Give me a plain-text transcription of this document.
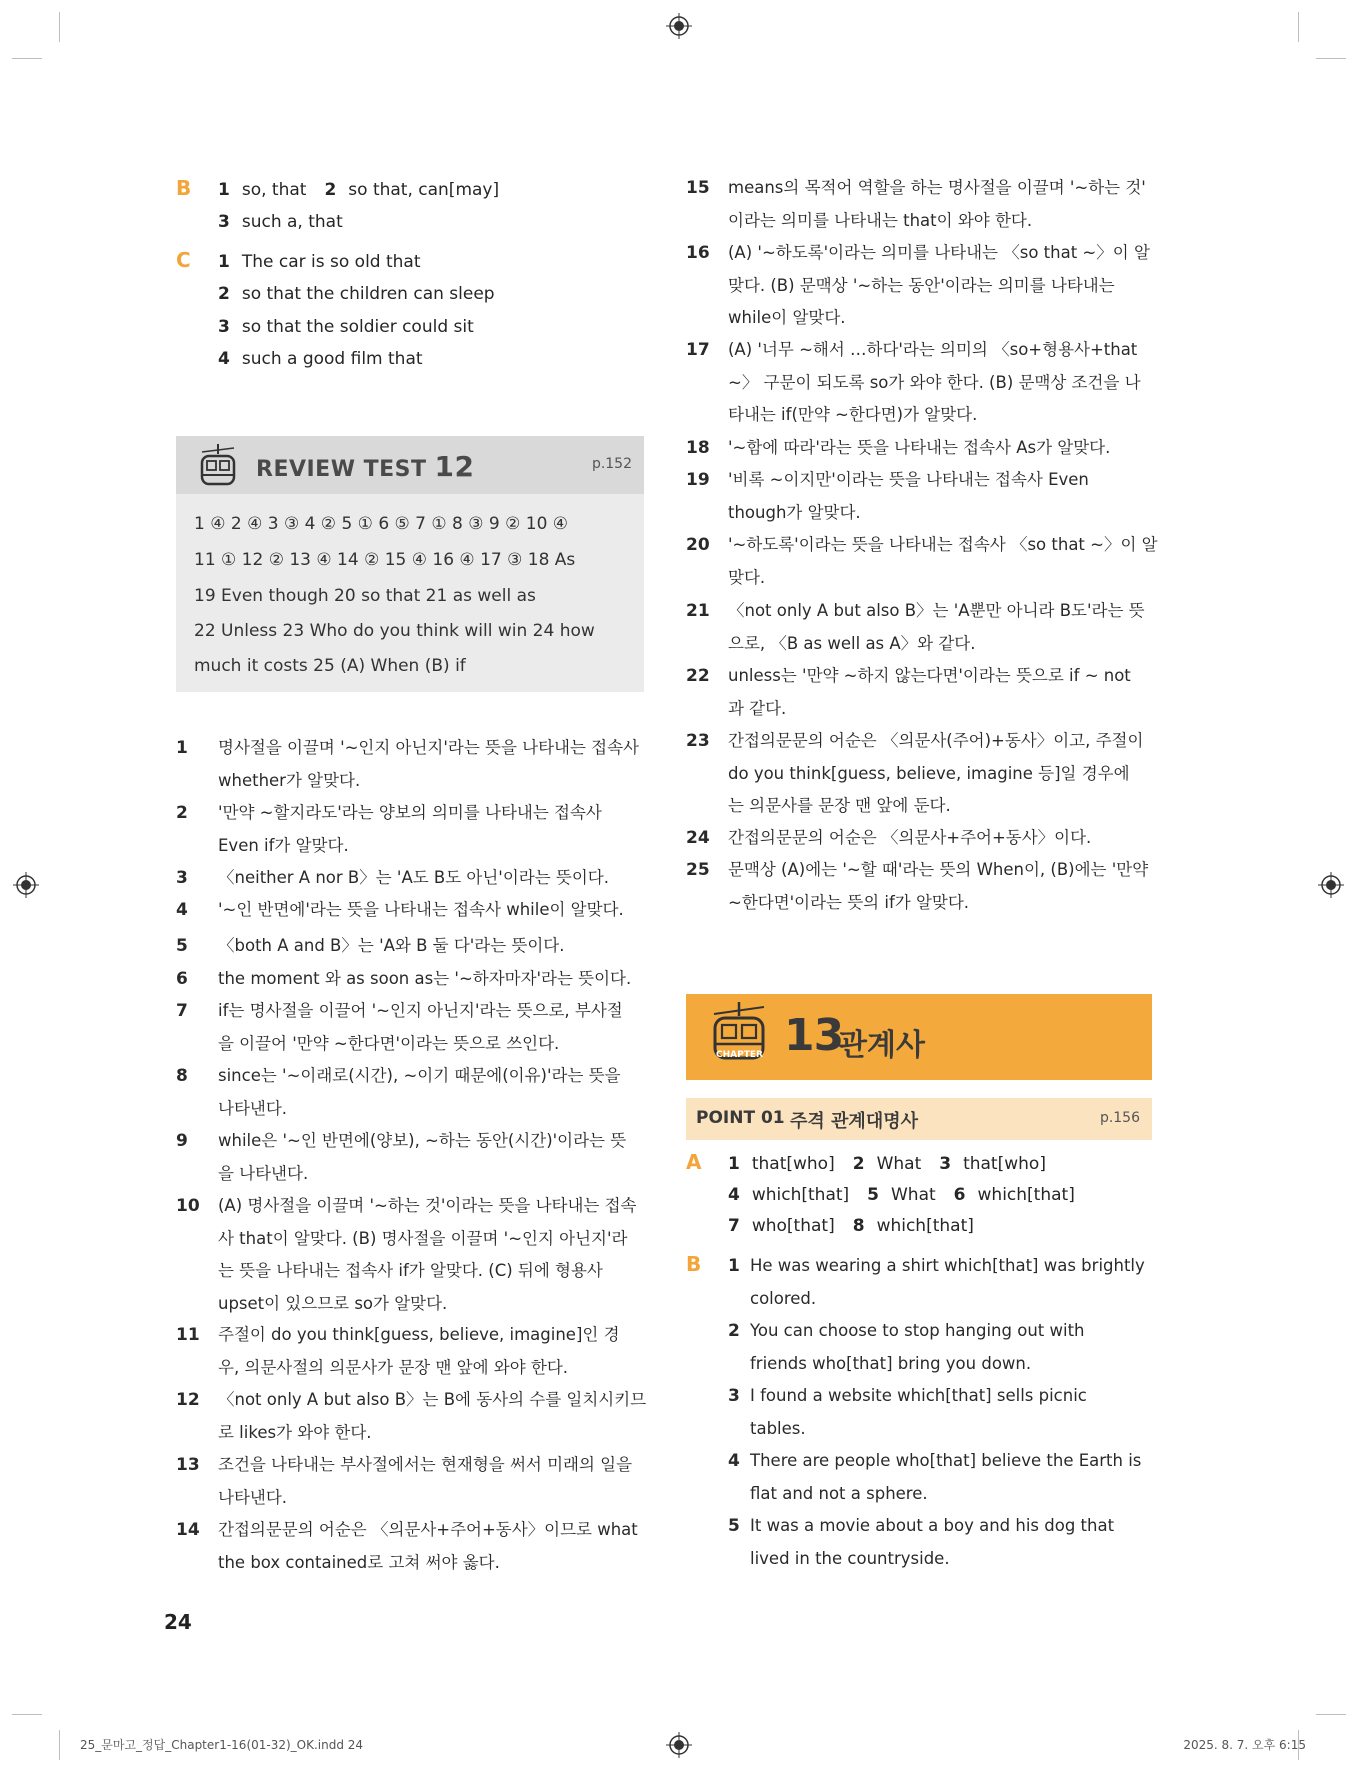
B 1 so, that 2 so that, can[may]
3 such a, that
C 1 The car is so old that
2 so that the children can sleep
3 so that the soldier could sit
4 such a good film that
REVIEW TEST 12	p.152
1 ④ 2 ④ 3 ③ 4 ② 5 ① 6 ⑤ 7 ① 8 ③ 9 ② 10 ④
11 ① 12 ② 13 ④ 14 ② 15 ④ 16 ④ 17 ③ 18 As
19 Even though 20 so that 21 as well as
22 Unless 23 Who do you think will win 24 how
much it costs 25 (A) When (B) if
1 명사절을 이끌며 '~인지 아닌지'라는 뜻을 나타내는 접속사
whether가 알맞다.
2 '만약 ~할지라도'라는 양보의 의미를 나타내는 접속사
Even if가 알맞다.
3 〈neither A nor B〉는 'A도 B도 아닌'이라는 뜻이다.
4 '~인 반면에'라는 뜻을 나타내는 접속사 while이 알맞다.
5 〈both A and B〉는 'A와 B 둘 다'라는 뜻이다.
6 the moment 와 as soon as는 '~하자마자'라는 뜻이다.
7 if는 명사절을 이끌어 '~인지 아닌지'라는 뜻으로, 부사절
을 이끌어 '만약 ~한다면'이라는 뜻으로 쓰인다.
8 since는 '~이래로(시간), ~이기 때문에(이유)'라는 뜻을
나타낸다.
9 while은 '~인 반면에(양보), ~하는 동안(시간)'이라는 뜻
을 나타낸다.
10 (A) 명사절을 이끌며 '~하는 것'이라는 뜻을 나타내는 접속
사 that이 알맞다. (B) 명사절을 이끌며 '~인지 아닌지'라
는 뜻을 나타내는 접속사 if가 알맞다. (C) 뒤에 형용사
upset이 있으므로 so가 알맞다.
11 주절이 do you think[guess, believe, imagine]인 경
우, 의문사절의 의문사가 문장 맨 앞에 와야 한다.
12 〈not only A but also B〉는 B에 동사의 수를 일치시키므
로 likes가 와야 한다.
13 조건을 나타내는 부사절에서는 현재형을 써서 미래의 일을
나타낸다.
14 간접의문문의 어순은 〈의문사+주어+동사〉이므로 what
the box contained로 고쳐 써야 옳다.
15 means의 목적어 역할을 하는 명사절을 이끌며 '~하는 것'
이라는 의미를 나타내는 that이 와야 한다.
16 (A) '~하도록'이라는 의미를 나타내는 〈so that ~〉이 알
맞다. (B) 문맥상 '~하는 동안'이라는 의미를 나타내는
while이 알맞다.
17 (A) '너무 ~해서 …하다'라는 의미의 〈so+형용사+that
~〉 구문이 되도록 so가 와야 한다. (B) 문맥상 조건을 나
타내는 if(만약 ~한다면)가 알맞다.
18 '~함에 따라'라는 뜻을 나타내는 접속사 As가 알맞다.
19 '비록 ~이지만'이라는 뜻을 나타내는 접속사 Even
though가 알맞다.
20 '~하도록'이라는 뜻을 나타내는 접속사 〈so that ~〉이 알
맞다.
21 〈not only A but also B〉는 'A뿐만 아니라 B도'라는 뜻
으로, 〈B as well as A〉와 같다.
22 unless는 '만약 ~하지 않는다면'이라는 뜻으로 if ~ not
과 같다.
23 간접의문문의 어순은 〈의문사(주어)+동사〉이고, 주절이
do you think[guess, believe, imagine 등]일 경우에
는 의문사를 문장 맨 앞에 둔다.
24 간접의문문의 어순은 〈의문사+주어+동사〉이다.
25 문맥상 (A)에는 '~할 때'라는 뜻의 When이, (B)에는 '만약
~한다면'이라는 뜻의 if가 알맞다.
CHAPTER 13
관계사
POINT 01 주격 관계대명사	p.156
A 1 that[who] 2 What 3 that[who]
4 which[that] 5 What 6 which[that]
7 who[that] 8 which[that]
B 1 He was wearing a shirt which[that] was brightly
colored.
2 You can choose to stop hanging out with
friends who[that] bring you down.
3 I found a website which[that] sells picnic
tables.
4 There are people who[that] believe the Earth is
flat and not a sphere.
5 It was a movie about a boy and his dog that
lived in the countryside.
24
25_문마고_정답_Chapter1-16(01-32)_OK.indd 24	2025. 8. 7. 오후 6:15
